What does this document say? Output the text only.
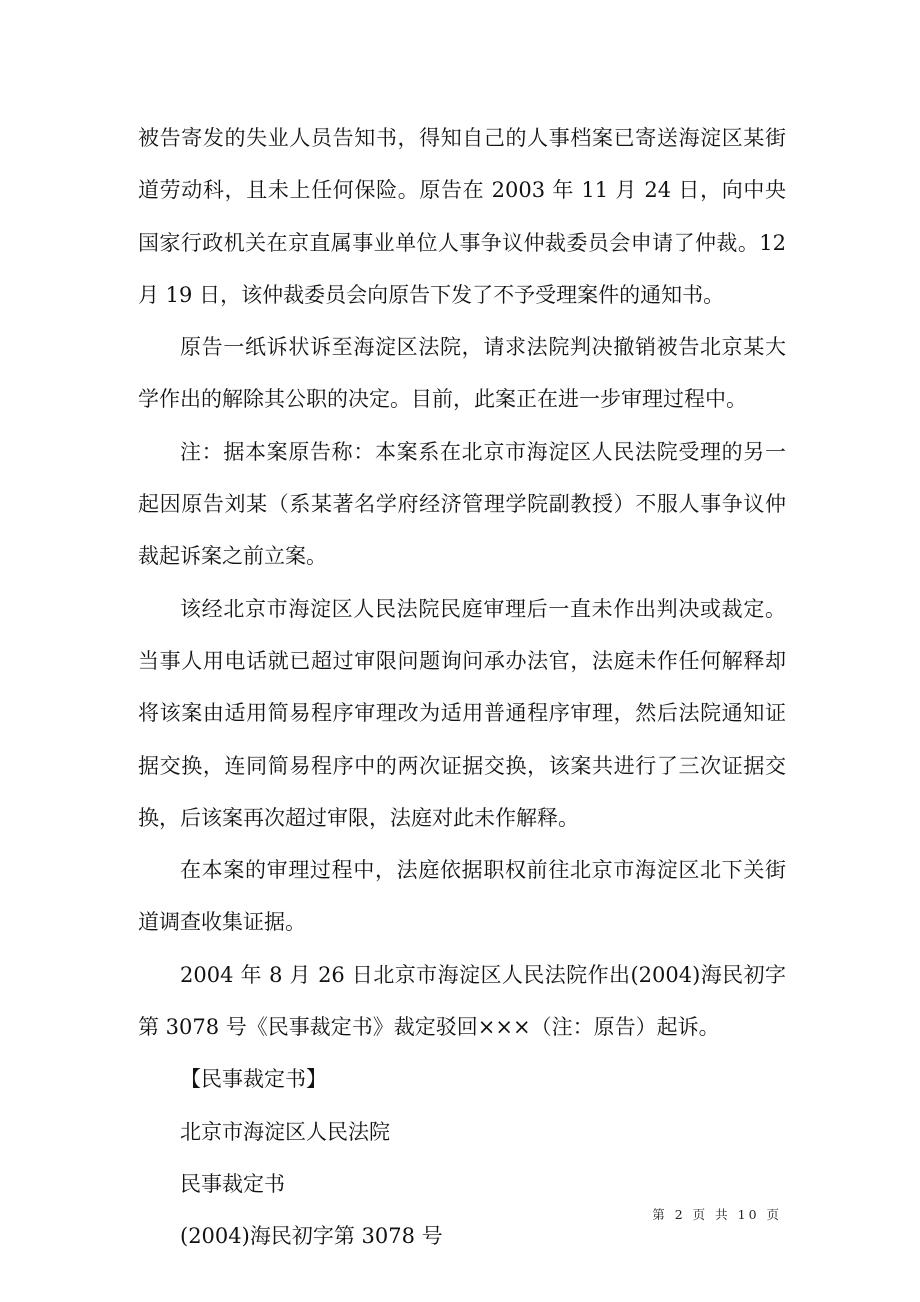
被告寄发的失业人员告知书，得知自己的人事档案已寄送海淀区某街道劳动科，且未上任何保险。原告在 2003 年 11 月 24 日，向中央国家行政机关在京直属事业单位人事争议仲裁委员会申请了仲裁。12 月 19 日，该仲裁委员会向原告下发了不予受理案件的通知书。

原告一纸诉状诉至海淀区法院，请求法院判决撤销被告北京某大学作出的解除其公职的决定。目前，此案正在进一步审理过程中。

注：据本案原告称：本案系在北京市海淀区人民法院受理的另一起因原告刘某（系某著名学府经济管理学院副教授）不服人事争议仲裁起诉案之前立案。

该经北京市海淀区人民法院民庭审理后一直未作出判决或裁定。当事人用电话就已超过审限问题询问承办法官，法庭未作任何解释却将该案由适用简易程序审理改为适用普通程序审理，然后法院通知证据交换，连同简易程序中的两次证据交换，该案共进行了三次证据交换，后该案再次超过审限，法庭对此未作解释。

在本案的审理过程中，法庭依据职权前往北京市海淀区北下关街道调查收集证据。

2004 年 8 月 26 日北京市海淀区人民法院作出(2004)海民初字第 3078 号《民事裁定书》裁定驳回×××（注：原告）起诉。

【民事裁定书】

北京市海淀区人民法院

民事裁定书

(2004)海民初字第 3078 号

第 2 页 共 10 页
